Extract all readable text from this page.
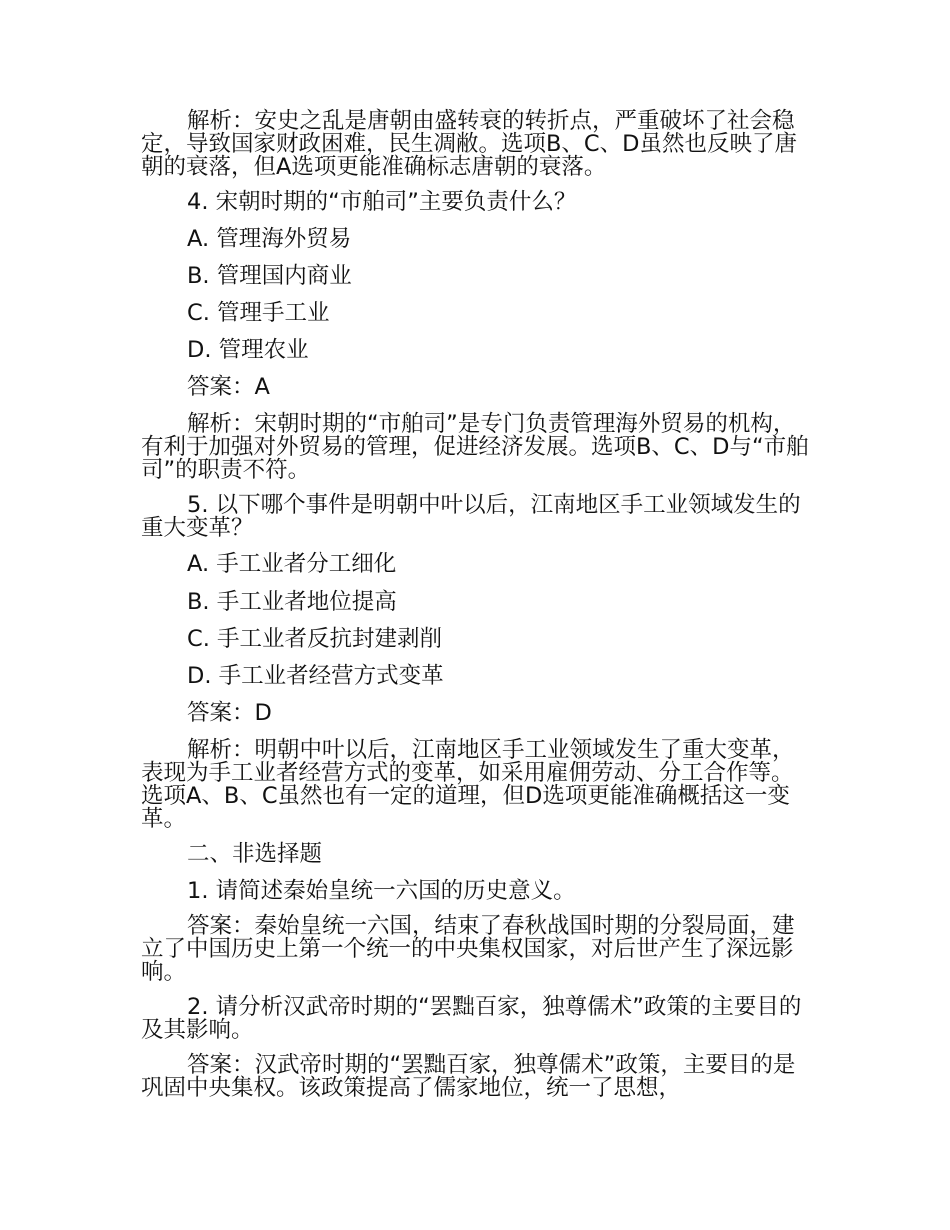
解析：安史之乱是唐朝由盛转衰的转折点，严重破坏了社会稳定，导致国家财政困难，民生凋敝。选项B、C、D虽然也反映了唐朝的衰落，但A选项更能准确标志唐朝的衰落。

4. 宋朝时期的“市舶司”主要负责什么？

A. 管理海外贸易

B. 管理国内商业

C. 管理手工业

D. 管理农业

答案：A

解析：宋朝时期的“市舶司”是专门负责管理海外贸易的机构，有利于加强对外贸易的管理，促进经济发展。选项B、C、D与“市舶司”的职责不符。

5. 以下哪个事件是明朝中叶以后，江南地区手工业领域发生的重大变革？

A. 手工业者分工细化

B. 手工业者地位提高

C. 手工业者反抗封建剥削

D. 手工业者经营方式变革

答案：D

解析：明朝中叶以后，江南地区手工业领域发生了重大变革，表现为手工业者经营方式的变革，如采用雇佣劳动、分工合作等。选项A、B、C虽然也有一定的道理，但D选项更能准确概括这一变革。

二、非选择题

1. 请简述秦始皇统一六国的历史意义。

答案：秦始皇统一六国，结束了春秋战国时期的分裂局面，建立了中国历史上第一个统一的中央集权国家，对后世产生了深远影响。

2. 请分析汉武帝时期的“罢黜百家，独尊儒术”政策的主要目的及其影响。

答案：汉武帝时期的“罢黜百家，独尊儒术”政策，主要目的是巩固中央集权。该政策提高了儒家地位，统一了思想，
